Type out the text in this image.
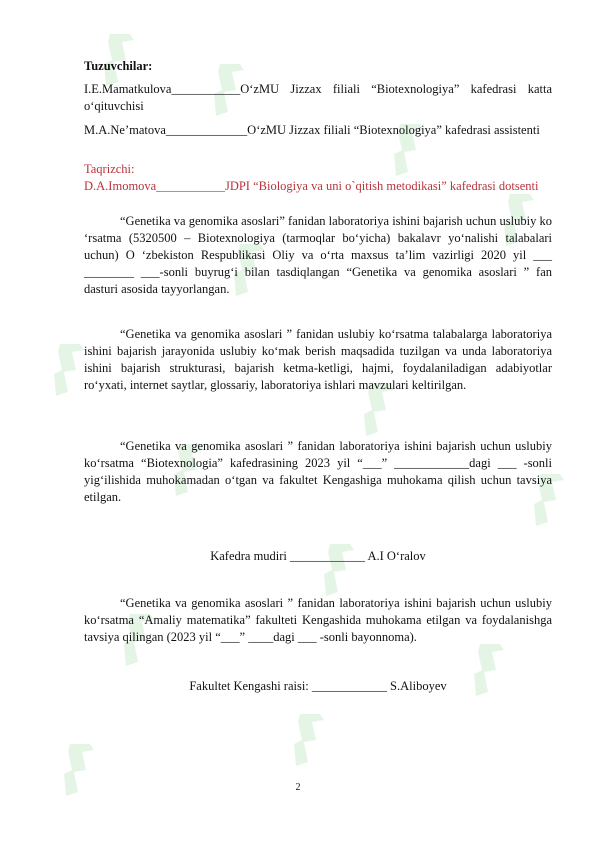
Tuzuvchilar:

I.E.Mamatkulova___________O‘zMU Jizzax filiali “Biotexnologiya” kafedrasi katta o‘qituvchisi

M.A.Ne’matova_____________O‘zMU Jizzax filiali “Biotexnologiya” kafedrasi assistenti

Taqrizchi:

D.A.Imomova___________JDPI “Biologiya va uni o`qitish metodikasi” kafedrasi dotsenti

“Genetika va genomika asoslari” fanidan laboratoriya ishini bajarish uchun uslubiy ko ‘rsatma (5320500 – Biotexnologiya (tarmoqlar bo‘yicha) bakalavr yo‘nalishi talabalari uchun) O ‘zbekiston Respublikasi Oliy va o‘rta maxsus ta’lim vazirligi 2020 yil ___ ________ ___-sonli buyrug‘i bilan tasdiqlangan “Genetika va genomika asoslari ” fan dasturi asosida tayyorlangan.

“Genetika va genomika asoslari ” fanidan uslubiy ko‘rsatma talabalarga laboratoriya ishini bajarish jarayonida uslubiy ko‘mak berish maqsadida tuzilgan va unda laboratoriya ishini bajarish strukturasi, bajarish ketma-ketligi, hajmi, foydalaniladigan adabiyotlar ro‘yxati, internet saytlar, glossariy, laboratoriya ishlari mavzulari keltirilgan.

“Genetika va genomika asoslari ” fanidan laboratoriya ishini bajarish uchun uslubiy ko‘rsatma “Biotexnologia” kafedrasining 2023 yil “___” ____________dagi ___ -sonli yig‘ilishida muhokamadan o‘tgan va fakultet Kengashiga muhokama qilish uchun tavsiya etilgan.

Kafedra mudiri ____________ A.I O‘ralov

“Genetika va genomika asoslari ” fanidan laboratoriya ishini bajarish uchun uslubiy ko‘rsatma “Amaliy matematika” fakulteti Kengashida muhokama etilgan va foydalanishga tavsiya qilingan (2023 yil “___” ____dagi ___ -sonli bayonnoma).

Fakultet Kengashi raisi: ____________ S.Aliboyev

2
